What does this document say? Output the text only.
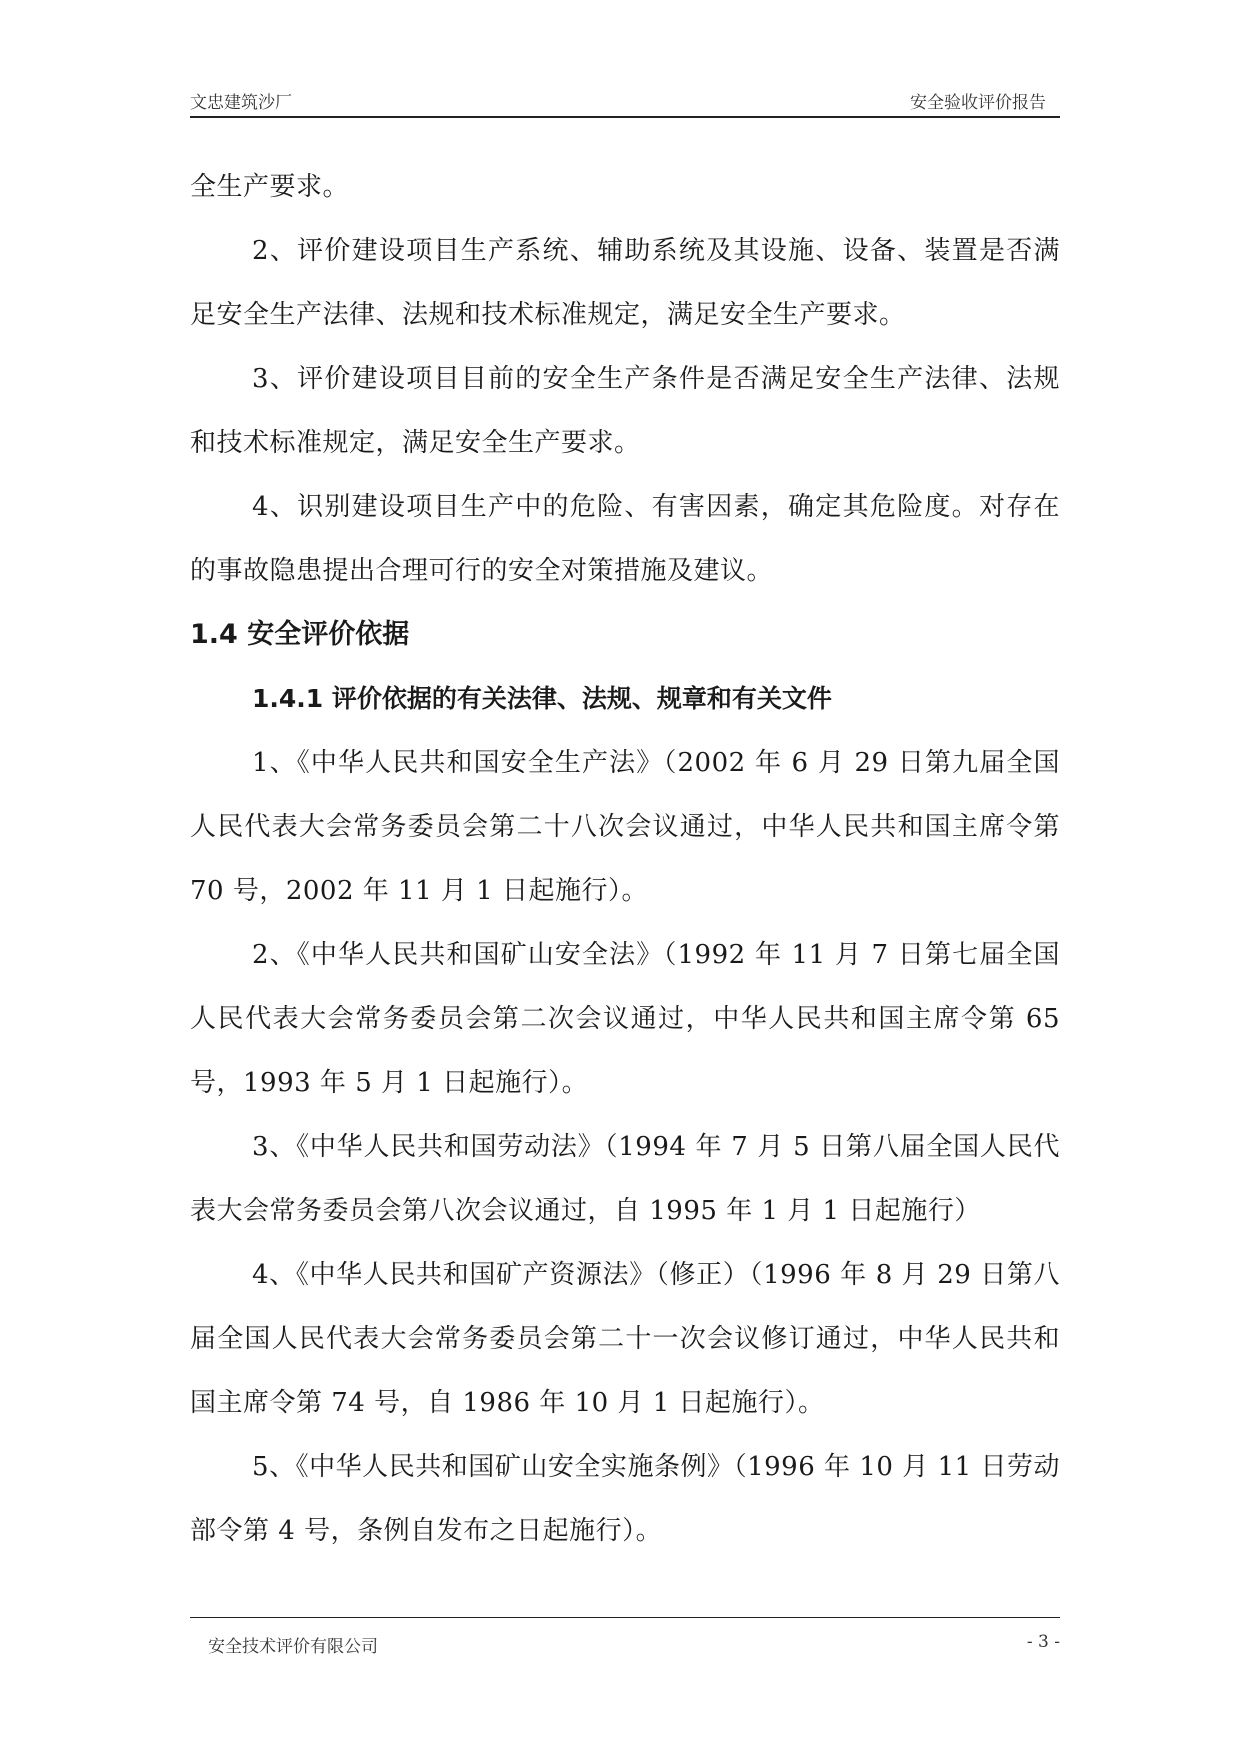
文忠建筑沙厂	安全验收评价报告

全生产要求。

2、评价建设项目生产系统、辅助系统及其设施、设备、装置是否满足安全生产法律、法规和技术标准规定，满足安全生产要求。

3、评价建设项目目前的安全生产条件是否满足安全生产法律、法规和技术标准规定，满足安全生产要求。

4、识别建设项目生产中的危险、有害因素，确定其危险度。对存在的事故隐患提出合理可行的安全对策措施及建议。

1.4 安全评价依据
1.4.1 评价依据的有关法律、法规、规章和有关文件

1、《中华人民共和国安全生产法》（2002 年 6 月 29 日第九届全国人民代表大会常务委员会第二十八次会议通过，中华人民共和国主席令第 70 号，2002 年 11 月 1 日起施行）。

2、《中华人民共和国矿山安全法》（1992 年 11 月 7 日第七届全国人民代表大会常务委员会第二次会议通过，中华人民共和国主席令第 65 号，1993 年 5 月 1 日起施行）。

3、《中华人民共和国劳动法》（1994 年 7 月 5 日第八届全国人民代表大会常务委员会第八次会议通过，自 1995 年 1 月 1 日起施行）

4、《中华人民共和国矿产资源法》（修正）（1996 年 8 月 29 日第八届全国人民代表大会常务委员会第二十一次会议修订通过，中华人民共和国主席令第 74 号，自 1986 年 10 月 1 日起施行）。

5、《中华人民共和国矿山安全实施条例》（1996 年 10 月 11 日劳动部令第 4 号，条例自发布之日起施行）。

安全技术评价有限公司	- 3 -
